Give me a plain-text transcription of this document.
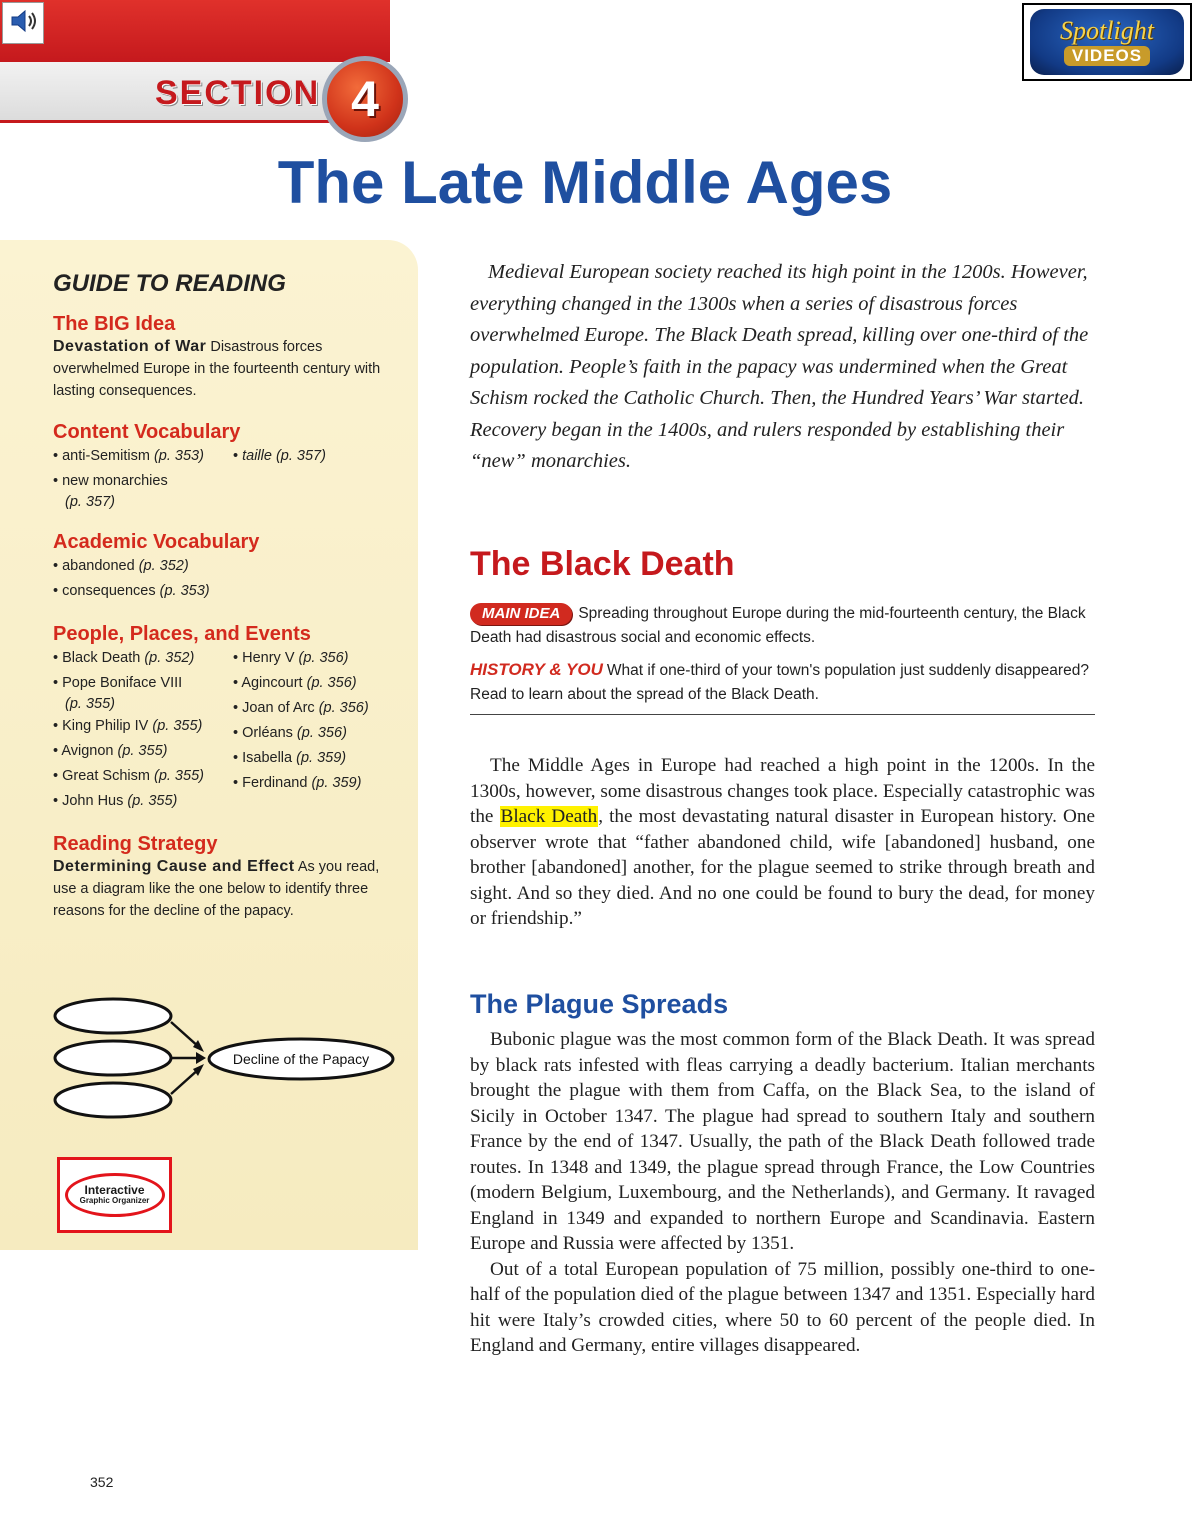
SECTION 4
Spotlight
VIDEOS
The Late Middle Ages
GUIDE TO READING
The BIG Idea
Devastation of War Disastrous forces overwhelmed Europe in the fourteenth century with lasting consequences.
Content Vocabulary
• anti-Semitism (p. 353)
• new monarchies
(p. 357)
• taille (p. 357)
Academic Vocabulary
• abandoned (p. 352)
• consequences (p. 353)
People, Places, and Events
• Black Death (p. 352)
• Pope Boniface VIII
(p. 355)
• King Philip IV (p. 355)
• Avignon (p. 355)
• Great Schism (p. 355)
• John Hus (p. 355)
• Henry V (p. 356)
• Agincourt (p. 356)
• Joan of Arc (p. 356)
• Orléans (p. 356)
• Isabella (p. 359)
• Ferdinand (p. 359)
Reading Strategy
Determining Cause and Effect As you read, use a diagram like the one below to identify three reasons for the decline of the papacy.
Decline of the Papacy
Interactive
Graphic Organizer
352

Medieval European society reached its high point in the 1200s. However, everything changed in the 1300s when a series of disastrous forces overwhelmed Europe. The Black Death spread, killing over one-third of the population. People’s faith in the papacy was undermined when the Great Schism rocked the Catholic Church. Then, the Hundred Years’ War started. Recovery began in the 1400s, and rulers responded by establishing their “new” monarchies.

The Black Death
MAIN IDEA Spreading throughout Europe during the mid-fourteenth century, the Black Death had disastrous social and economic effects.
HISTORY & YOU What if one-third of your town's population just suddenly disappeared? Read to learn about the spread of the Black Death.

The Middle Ages in Europe had reached a high point in the 1200s. In the 1300s, however, some disastrous changes took place. Especially catastrophic was the Black Death, the most devastating natural disaster in European history. One observer wrote that “father abandoned child, wife [abandoned] husband, one brother [abandoned] another, for the plague seemed to strike through breath and sight. And so they died. And no one could be found to bury the dead, for money or friendship.”

The Plague Spreads

Bubonic plague was the most common form of the Black Death. It was spread by black rats infested with fleas carrying a deadly bacterium. Italian merchants brought the plague with them from Caffa, on the Black Sea, to the island of Sicily in October 1347. The plague had spread to southern Italy and southern France by the end of 1347. Usually, the path of the Black Death followed trade routes. In 1348 and 1349, the plague spread through France, the Low Countries (modern Belgium, Luxembourg, and the Netherlands), and Germany. It ravaged England in 1349 and expanded to northern Europe and Scandinavia. Eastern Europe and Russia were affected by 1351.

Out of a total European population of 75 million, possibly one-third to one-half of the population died of the plague between 1347 and 1351. Especially hard hit were Italy’s crowded cities, where 50 to 60 percent of the people died. In England and Germany, entire villages disappeared.
